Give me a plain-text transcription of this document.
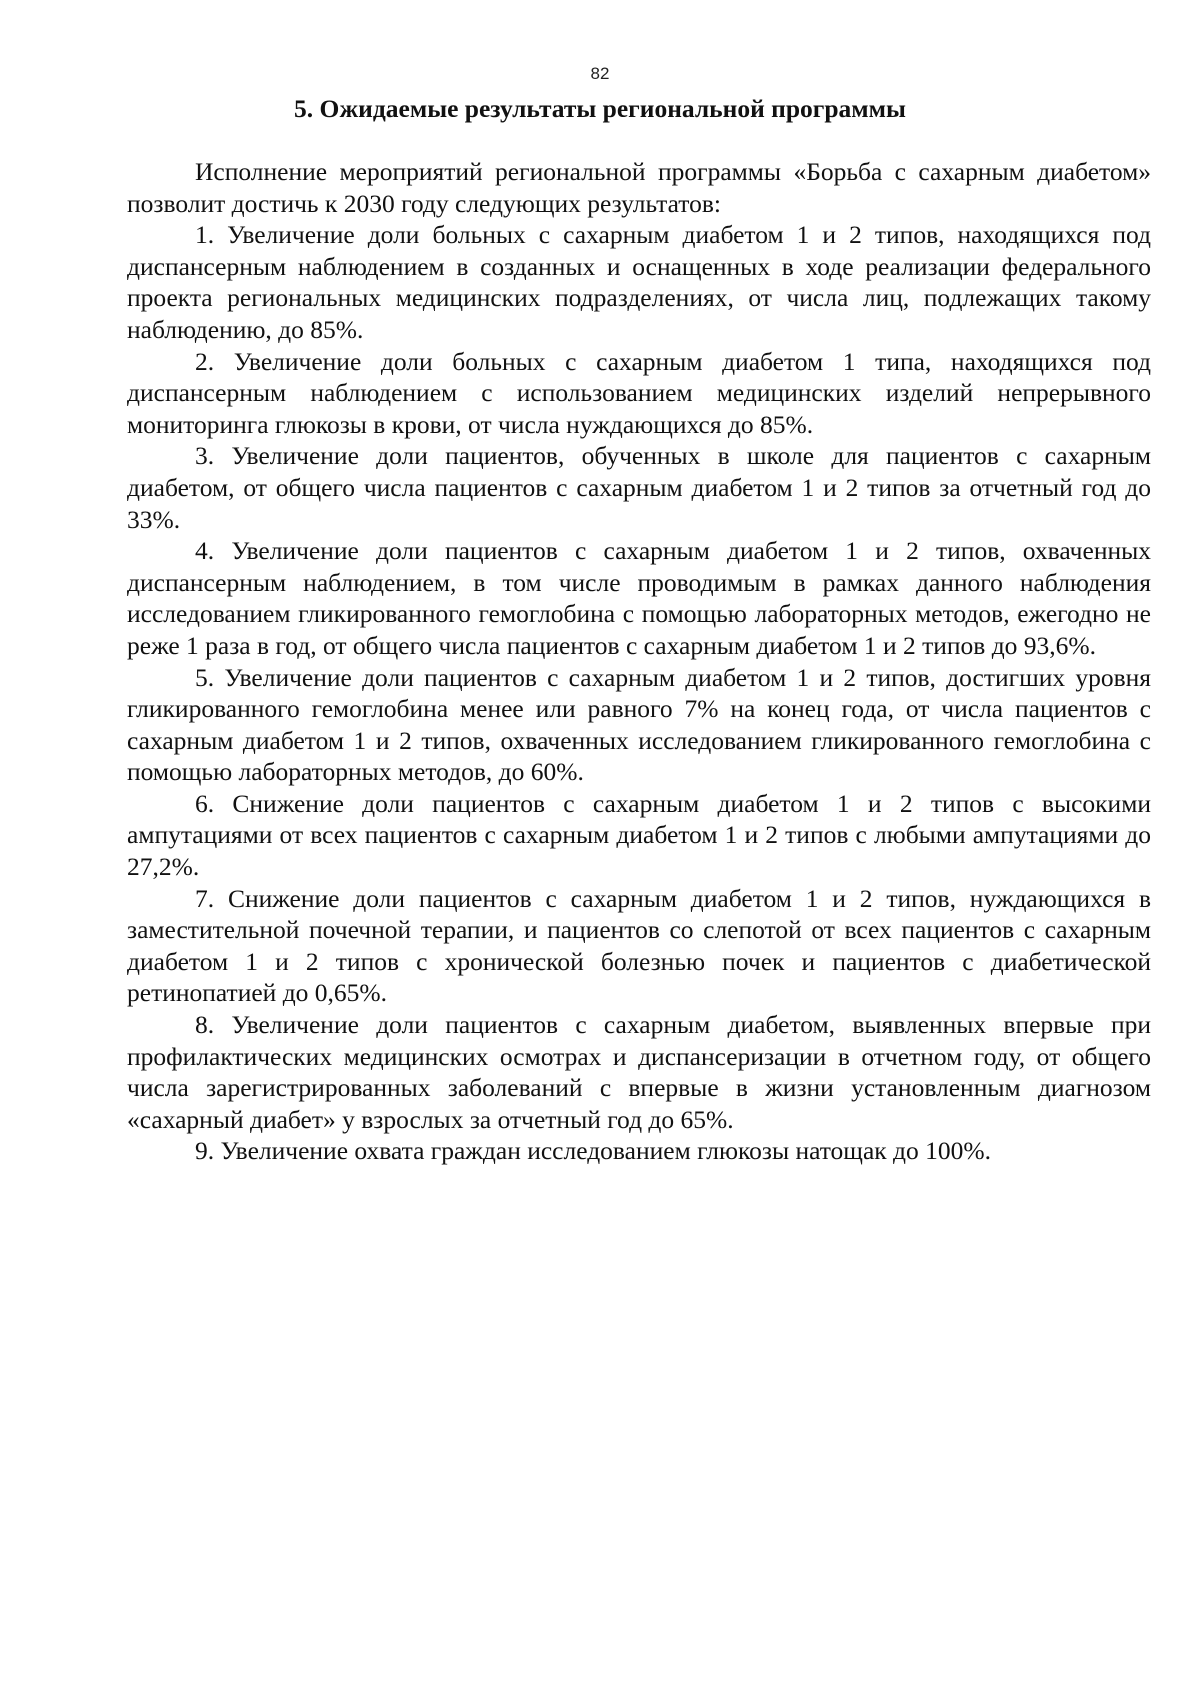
82
5. Ожидаемые результаты региональной программы

Исполнение мероприятий региональной программы «Борьба с сахарным диабетом» позволит достичь к 2030 году следующих результатов:

1. Увеличение доли больных с сахарным диабетом 1 и 2 типов, находящихся под диспансерным наблюдением в созданных и оснащенных в ходе реализации федерального проекта региональных медицинских подразделениях, от числа лиц, подлежащих такому наблюдению, до 85%.

2. Увеличение доли больных с сахарным диабетом 1 типа, находящихся под диспансерным наблюдением с использованием медицинских изделий непрерывного мониторинга глюкозы в крови, от числа нуждающихся до 85%.

3. Увеличение доли пациентов, обученных в школе для пациентов с сахарным диабетом, от общего числа пациентов с сахарным диабетом 1 и 2 типов за отчетный год до 33%.

4. Увеличение доли пациентов с сахарным диабетом 1 и 2 типов, охваченных диспансерным наблюдением, в том числе проводимым в рамках данного наблюдения исследованием гликированного гемоглобина с помощью лабораторных методов, ежегодно не реже 1 раза в год, от общего числа пациентов с сахарным диабетом 1 и 2 типов до 93,6%.

5. Увеличение доли пациентов с сахарным диабетом 1 и 2 типов, достигших уровня гликированного гемоглобина менее или равного 7% на конец года, от числа пациентов с сахарным диабетом 1 и 2 типов, охваченных исследованием гликированного гемоглобина с помощью лабораторных методов, до 60%.

6. Снижение доли пациентов с сахарным диабетом 1 и 2 типов с высокими ампутациями от всех пациентов с сахарным диабетом 1 и 2 типов с любыми ампутациями до 27,2%.

7. Снижение доли пациентов с сахарным диабетом 1 и 2 типов, нуждающихся в заместительной почечной терапии, и пациентов со слепотой от всех пациентов с сахарным диабетом 1 и 2 типов с хронической болезнью почек и пациентов с диабетической ретинопатией до 0,65%.

8. Увеличение доли пациентов с сахарным диабетом, выявленных впервые при профилактических медицинских осмотрах и диспансеризации в отчетном году, от общего числа зарегистрированных заболеваний с впервые в жизни установленным диагнозом «сахарный диабет» у взрослых за отчетный год до 65%.

9. Увеличение охвата граждан исследованием глюкозы натощак до 100%.
